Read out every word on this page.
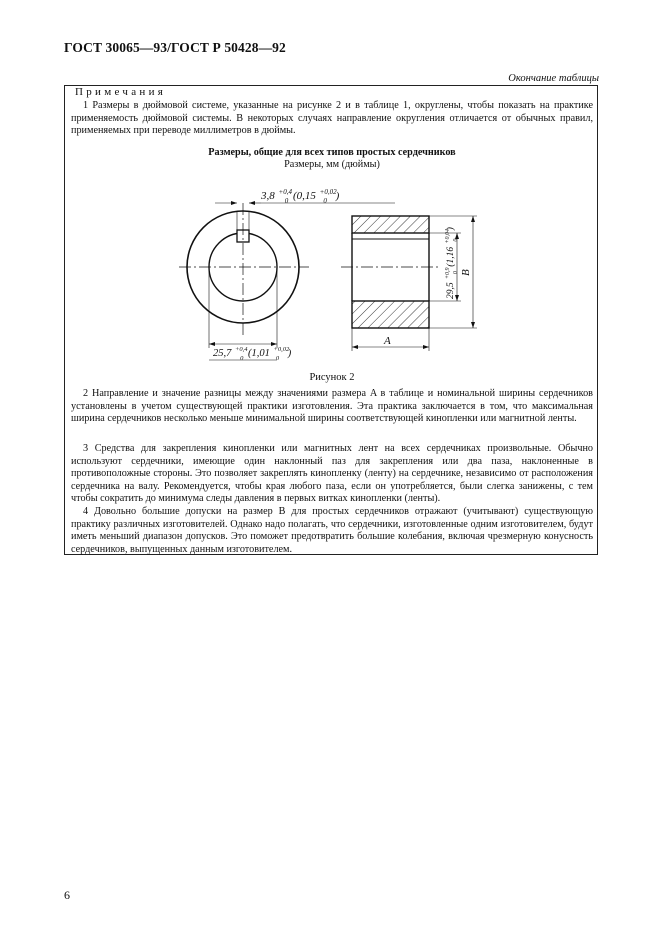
ГОСТ 30065—93/ГОСТ Р 50428—92
Окончание таблицы
Примечания
1 Размеры в дюймовой системе, указанные на рисунке 2 и в таблице 1, округлены, чтобы показать на практике применяемость дюймовой системы. В некоторых случаях направление округления отличается от обычных правил, применяемых при переводе миллиметров в дюймы.
Размеры, общие для всех типов простых сердечников
Размеры, мм (дюймы)
3,8 $^{+0,4}$ 0 (0,15 $^{+0,02}$ 0 )
25,7 $^{+0,4}$ 0 (1,01 $^{+0,02}$ 0 )
A
29,5 $^{+0,9}$ 0 (1,16 $^{+0,04}$ 0 )
B
Рисунок 2
2 Направление и значение разницы между значениями размера A в таблице и номинальной ширины сердечников установлены в учетом существующей практики изготовления. Эта практика заключается в том, что максимальная ширина сердечников несколько меньше минимальной ширины соответствующей кинопленки или магнитной ленты.
3 Средства для закрепления кинопленки или магнитных лент на всех сердечниках произвольные. Обычно используют сердечники, имеющие один наклонный паз для закрепления или два паза, наклоненные в противоположные стороны. Это позволяет закреплять кинопленку (ленту) на сердечнике, независимо от расположения сердечника на валу. Рекомендуется, чтобы края любого паза, если он употребляется, были слегка занижены, с тем чтобы сократить до минимума следы давления в первых витках кинопленки (ленты).
4 Довольно большие допуски на размер B для простых сердечников отражают (учитывают) существующую практику различных изготовителей. Однако надо полагать, что сердечники, изготовленные одним изготовителем, будут иметь меньший диапазон допусков. Это поможет предотвратить большие колебания, включая чрезмерную конусность сердечников, выпущенных данным изготовителем.
6
